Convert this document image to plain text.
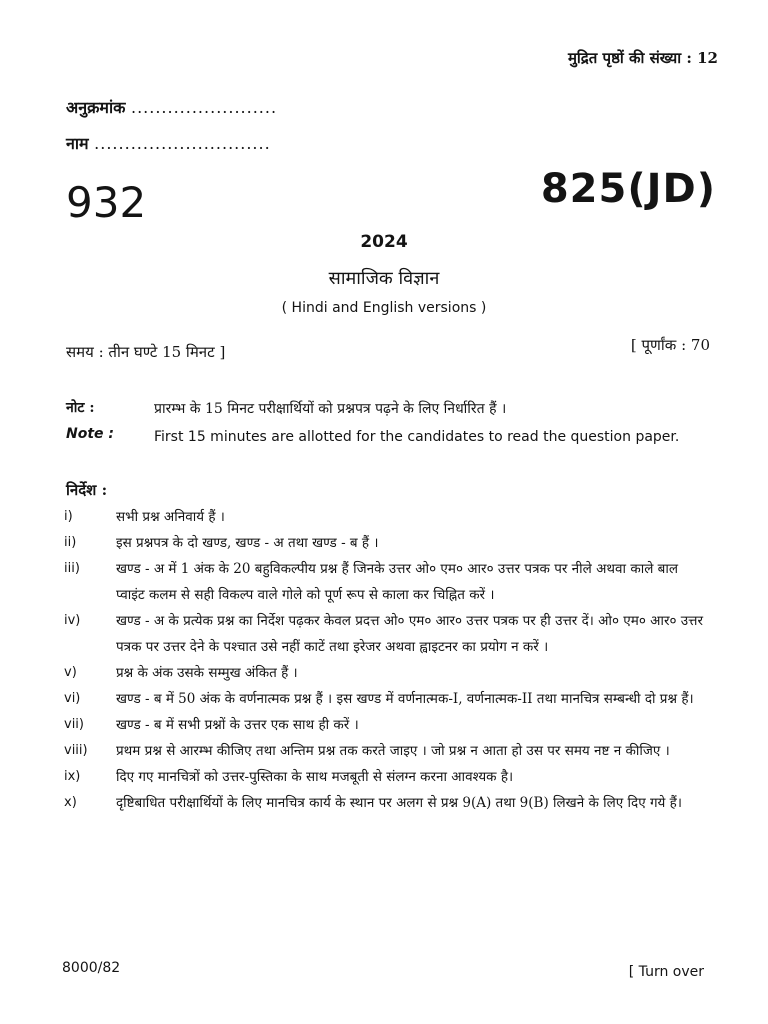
मुद्रित पृष्ठों की संख्या : 12
अनुक्रमांक ........................
नाम .............................
932	825(JD)
2024
सामाजिक विज्ञान
( Hindi and English versions )
समय : तीन घण्टे 15 मिनट ]	[ पूर्णांक : 70
नोट :	प्रारम्भ के 15 मिनट परीक्षार्थियों को प्रश्नपत्र पढ़ने के लिए निर्धारित हैं ।
Note :	First 15 minutes are allotted for the candidates to read the question paper.
निर्देश :
i)	सभी प्रश्न अनिवार्य हैं ।
ii)	इस प्रश्नपत्र के दो खण्ड, खण्ड - अ तथा खण्ड - ब हैं ।
iii)	खण्ड - अ में 1 अंक के 20 बहुविकल्पीय प्रश्न हैं जिनके उत्तर ओ० एम० आर० उत्तर पत्रक पर नीले अथवा काले बाल प्वाइंट कलम से सही विकल्प वाले गोले को पूर्ण रूप से काला कर चिह्नित करें ।
iv)	खण्ड - अ के प्रत्येक प्रश्न का निर्देश पढ़कर केवल प्रदत्त ओ० एम० आर० उत्तर पत्रक पर ही उत्तर दें। ओ० एम० आर० उत्तर पत्रक पर उत्तर देने के पश्चात उसे नहीं काटें तथा इरेजर अथवा ह्वाइटनर का प्रयोग न करें ।
v)	प्रश्न के अंक उसके सम्मुख अंकित हैं ।
vi)	खण्ड - ब में 50 अंक के वर्णनात्मक प्रश्न हैं । इस खण्ड में वर्णनात्मक-I, वर्णनात्मक-II तथा मानचित्र सम्बन्धी दो प्रश्न हैं।
vii)	खण्ड - ब में सभी प्रश्नों के उत्तर एक साथ ही करें ।
viii)	प्रथम प्रश्न से आरम्भ कीजिए तथा अन्तिम प्रश्न तक करते जाइए । जो प्रश्न न आता हो उस पर समय नष्ट न कीजिए ।
ix)	दिए गए मानचित्रों को उत्तर-पुस्तिका के साथ मजबूती से संलग्न करना आवश्यक है।
x)	दृष्टिबाधित परीक्षार्थियों के लिए मानचित्र कार्य के स्थान पर अलग से प्रश्न 9(A) तथा 9(B) लिखने के लिए दिए गये हैं।
8000/82	[ Turn over
